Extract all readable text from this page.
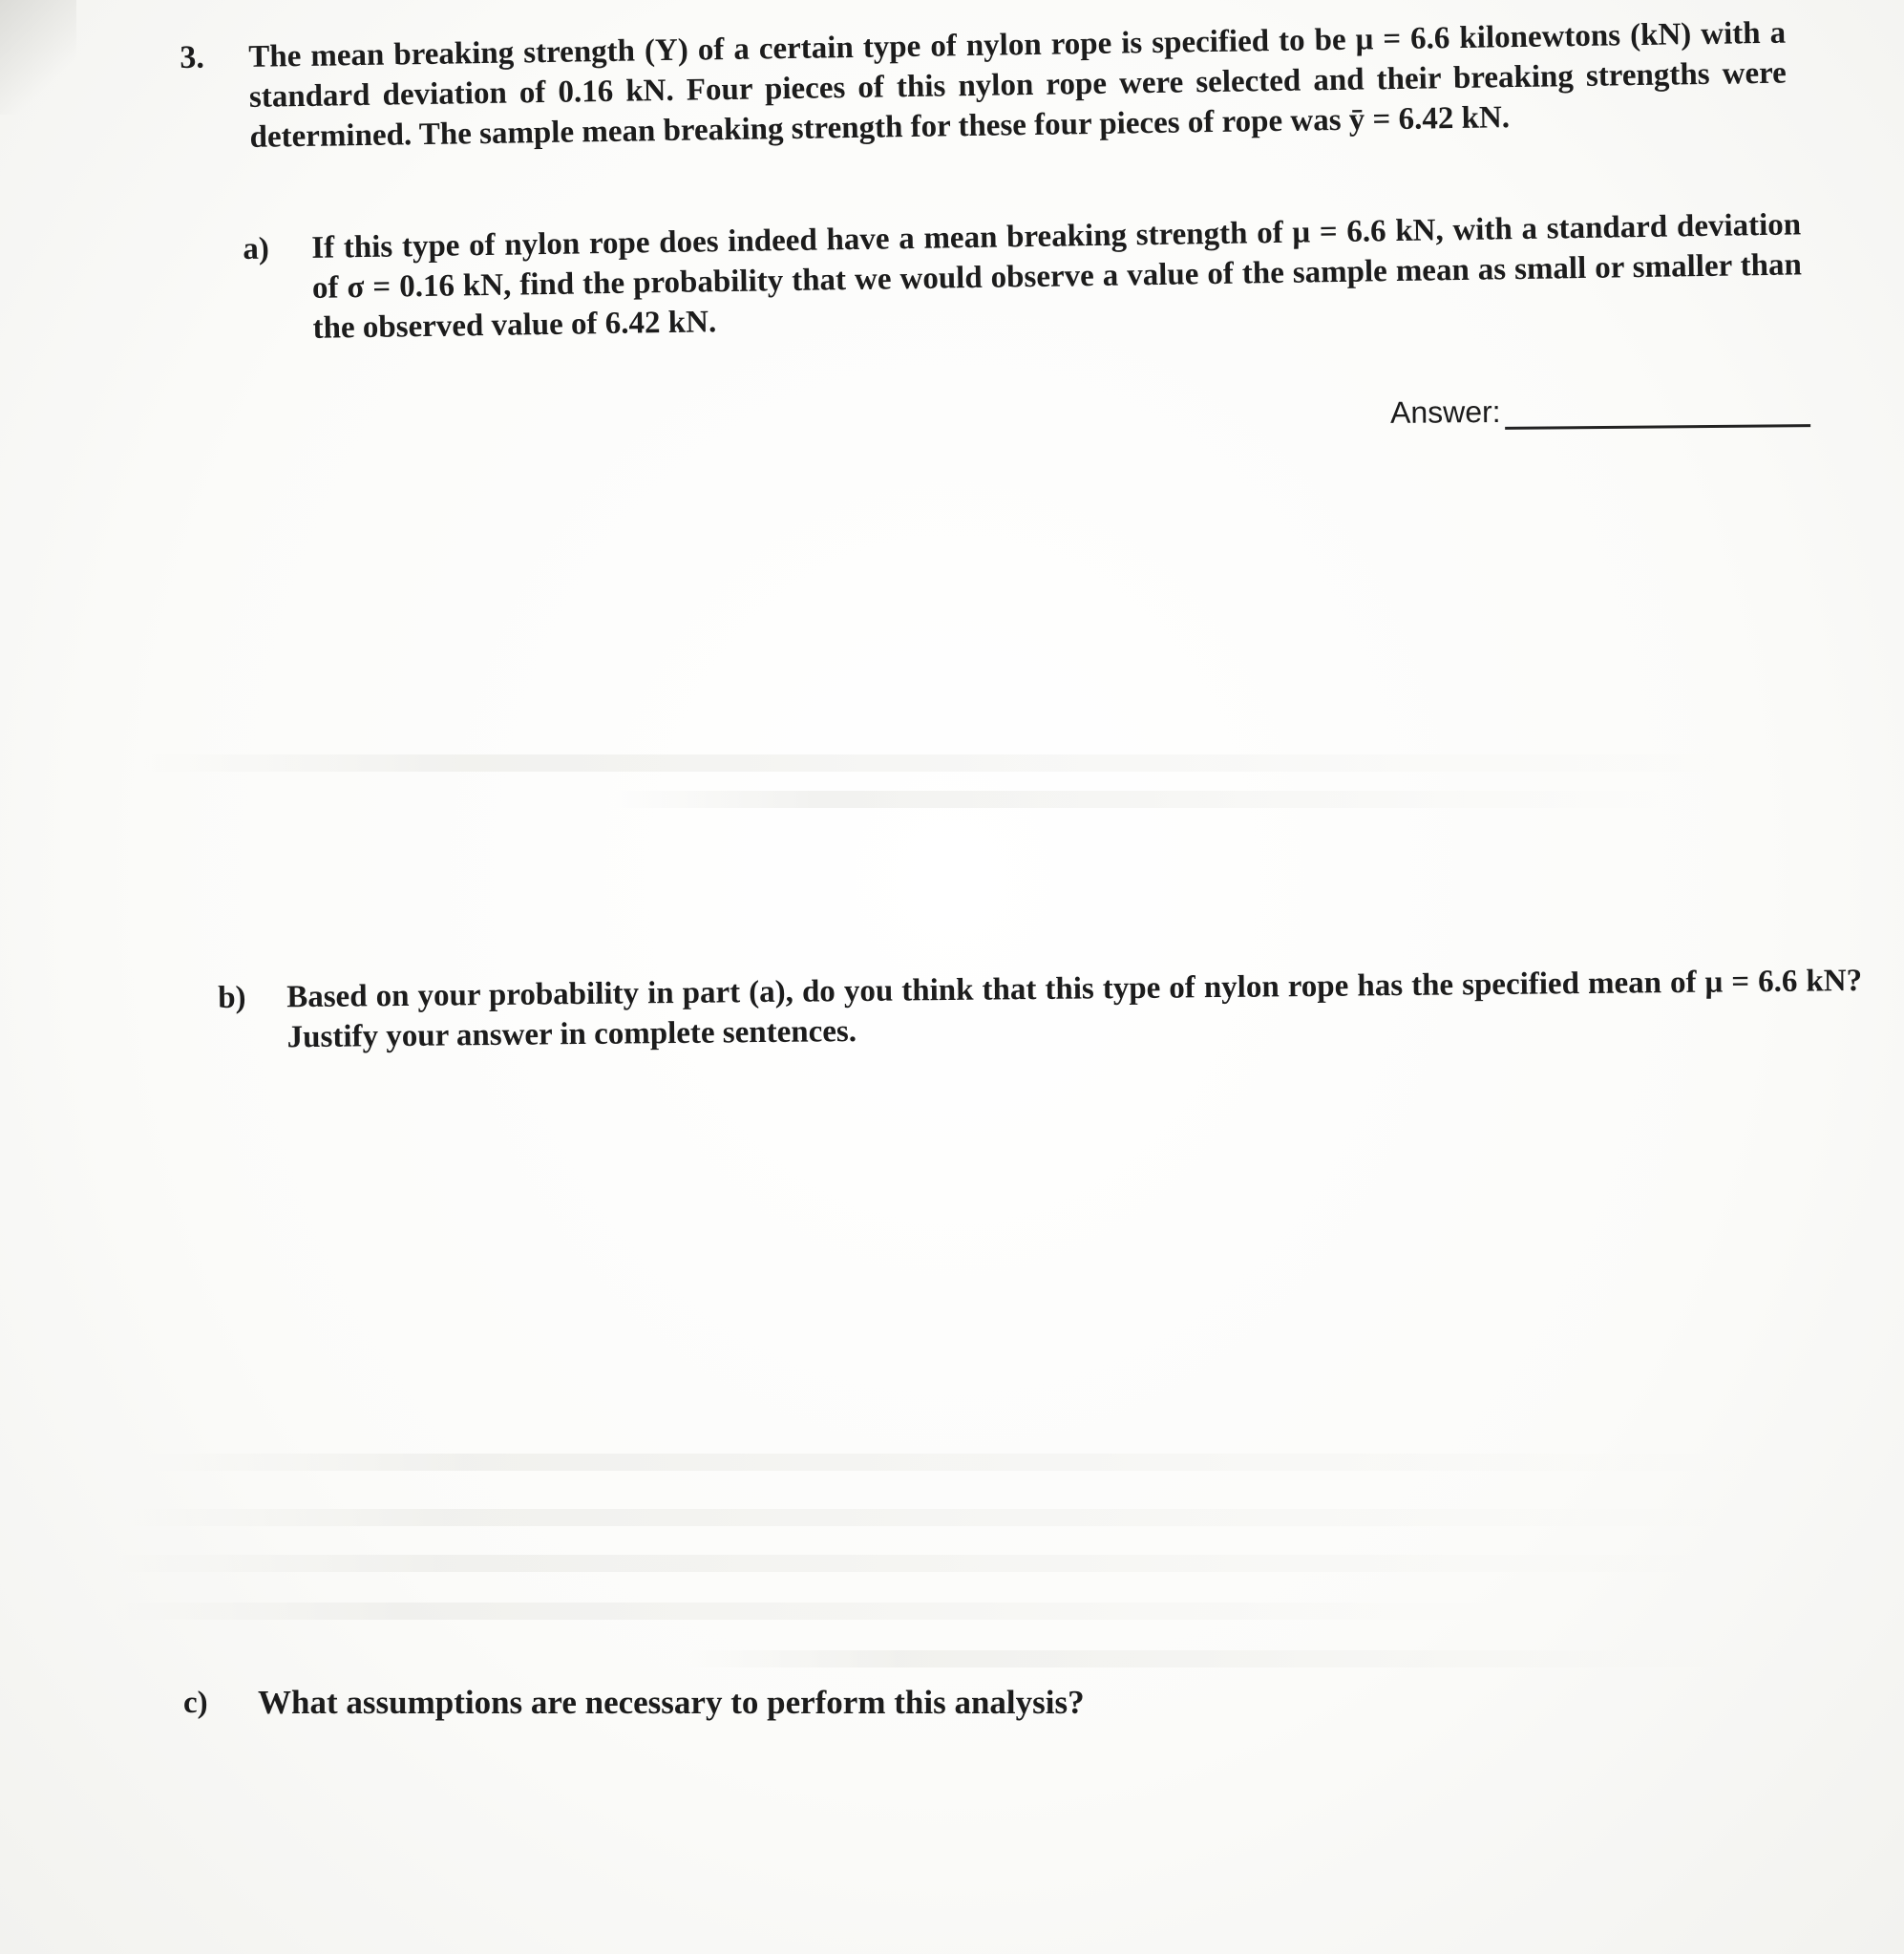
3. The mean breaking strength (Y) of a certain type of nylon rope is specified to be μ = 6.6 kilonewtons (kN) with a standard deviation of 0.16 kN. Four pieces of this nylon rope were selected and their breaking strengths were determined. The sample mean breaking strength for these four pieces of rope was ȳ = 6.42 kN.
a) If this type of nylon rope does indeed have a mean breaking strength of μ = 6.6 kN, with a standard deviation of σ = 0.16 kN, find the probability that we would observe a value of the sample mean as small or smaller than the observed value of 6.42 kN.
Answer:
b) Based on your probability in part (a), do you think that this type of nylon rope has the specified mean of μ = 6.6 kN? Justify your answer in complete sentences.
c) What assumptions are necessary to perform this analysis?
